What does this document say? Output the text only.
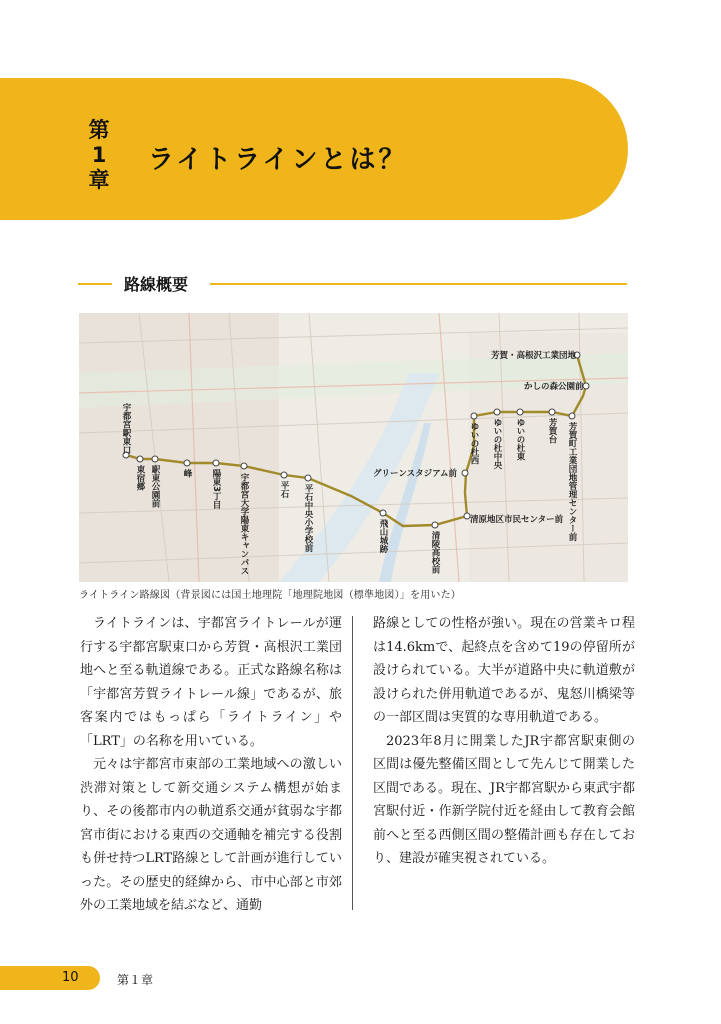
第
1
章
ライトラインとは？
路線概要
宇都宮駅東口
東宿郷 駅東公園前	峰 陽東3丁目 宇都宮大学陽東キャンパス	平石 平石中央小学校前	飛山城跡	清陵高校前
ゆいの杜西 ゆいの杜中央 ゆいの杜東	芳賀台 芳賀町工業団地管理センター前
清原地区市民センター前
グリーンスタジアム前
かしの森公園前
芳賀・高根沢工業団地
ライトライン路線図（背景図には国土地理院「地理院地図（標準地図）」を用いた）

ライトラインは、宇都宮ライトレールが運行する宇都宮駅東口から芳賀・高根沢工業団地へと至る軌道線である。正式な路線名称は「宇都宮芳賀ライトレール線」であるが、旅客案内ではもっぱら「ライトライン」や「LRT」の名称を用いている。

元々は宇都宮市東部の工業地域への激しい渋滞対策として新交通システム構想が始まり、その後都市内の軌道系交通が貧弱な宇都宮市街における東西の交通軸を補完する役割も併せ持つLRT路線として計画が進行していった。その歴史的経緯から、市中心部と市郊外の工業地域を結ぶなど、通勤

路線としての性格が強い。現在の営業キロ程は14.6kmで、起終点を含めて19の停留所が設けられている。大半が道路中央に軌道敷が設けられた併用軌道であるが、鬼怒川橋梁等の一部区間は実質的な専用軌道である。

2023年8月に開業したJR宇都宮駅東側の区間は優先整備区間として先んじて開業した区間である。現在、JR宇都宮駅から東武宇都宮駅付近・作新学院付近を経由して教育会館前へと至る西側区間の整備計画も存在しており、建設が確実視されている。

10	第１章
